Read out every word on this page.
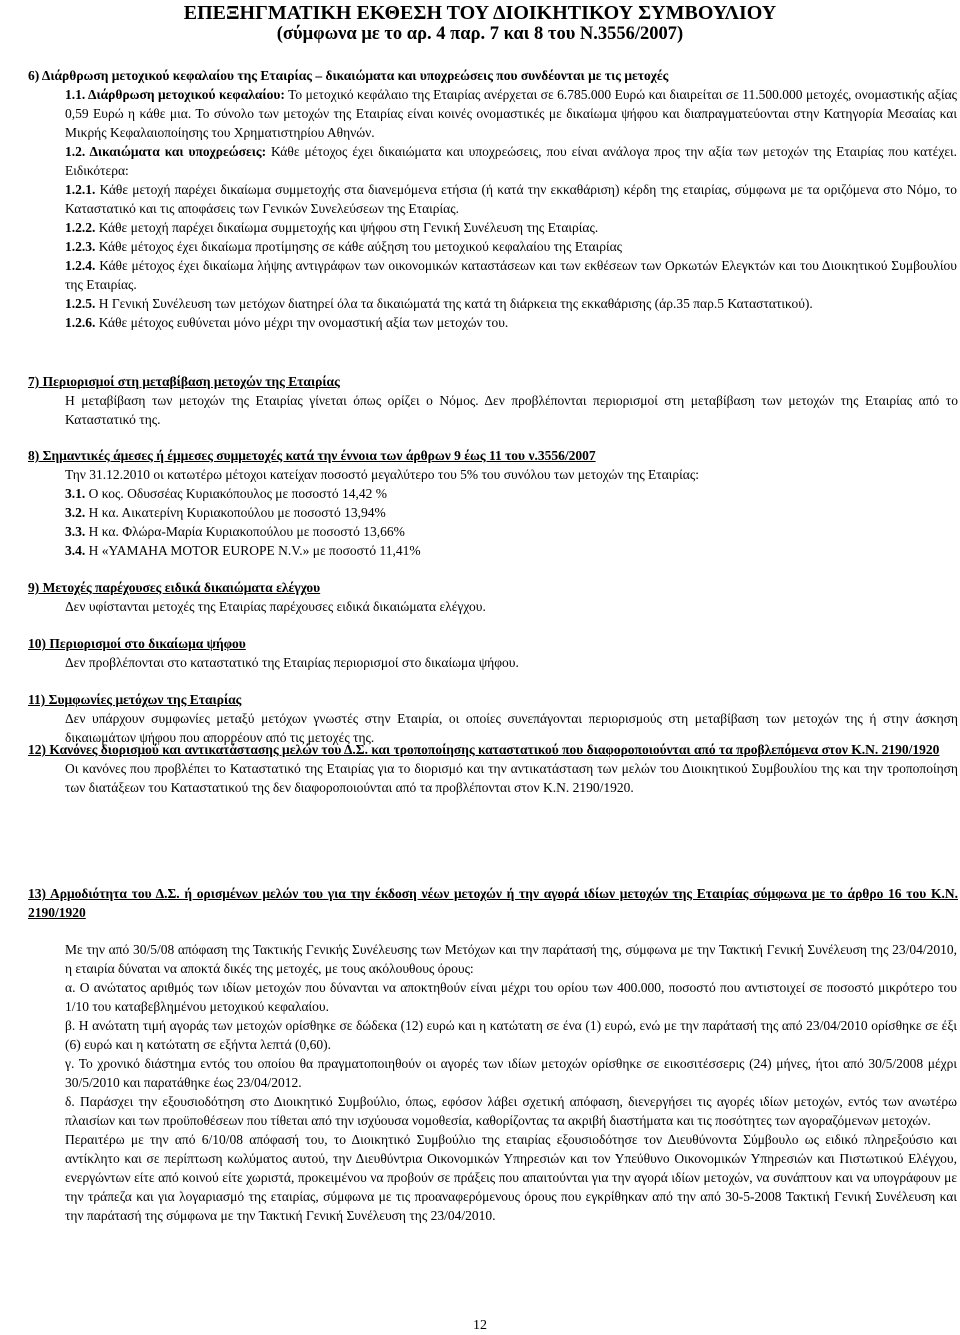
ΕΠΕΞΗΓΜΑΤΙΚΗ ΕΚΘΕΣΗ ΤΟΥ ΔΙΟΙΚΗΤΙΚΟΥ ΣΥΜΒΟΥΛΙΟΥ
(σύμφωνα με το αρ. 4 παρ. 7 και 8 του Ν.3556/2007)

6) Διάρθρωση μετοχικού κεφαλαίου της Εταιρίας – δικαιώματα και υποχρεώσεις που συνδέονται με τις μετοχές

1.1. Διάρθρωση μετοχικού κεφαλαίου: Το μετοχικό κεφάλαιο της Εταιρίας ανέρχεται σε 6.785.000 Ευρώ και διαιρείται σε 11.500.000 μετοχές, ονομαστικής αξίας 0,59 Ευρώ η κάθε μια. Το σύνολο των μετοχών της Εταιρίας είναι κοινές ονομαστικές με δικαίωμα ψήφου και διαπραγματεύονται στην Κατηγορία Μεσαίας και Μικρής Κεφαλαιοποίησης του Χρηματιστηρίου Αθηνών.

1.2. Δικαιώματα και υποχρεώσεις: Κάθε μέτοχος έχει δικαιώματα και υποχρεώσεις, που είναι ανάλογα προς την αξία των μετοχών της Εταιρίας που κατέχει. Ειδικότερα:

1.2.1. Κάθε μετοχή παρέχει δικαίωμα συμμετοχής στα διανεμόμενα ετήσια (ή κατά την εκκαθάριση) κέρδη της εταιρίας, σύμφωνα με τα οριζόμενα στο Νόμο, το Καταστατικό και τις αποφάσεις των Γενικών Συνελεύσεων της Εταιρίας.

1.2.2. Κάθε μετοχή παρέχει δικαίωμα συμμετοχής και ψήφου στη Γενική Συνέλευση της Εταιρίας.

1.2.3. Κάθε μέτοχος έχει δικαίωμα προτίμησης σε κάθε αύξηση του μετοχικού κεφαλαίου της Εταιρίας

1.2.4. Κάθε μέτοχος έχει δικαίωμα λήψης αντιγράφων των οικονομικών καταστάσεων και των εκθέσεων των Ορκωτών Ελεγκτών και του Διοικητικού Συμβουλίου της Εταιρίας.

1.2.5. Η Γενική Συνέλευση των μετόχων διατηρεί όλα τα δικαιώματά της κατά τη διάρκεια της εκκαθάρισης (άρ.35 παρ.5 Καταστατικού).

1.2.6. Κάθε μέτοχος ευθύνεται μόνο μέχρι την ονομαστική αξία των μετοχών του.

7) Περιορισμοί στη μεταβίβαση μετοχών της Εταιρίας

Η μεταβίβαση των μετοχών της Εταιρίας γίνεται όπως ορίζει ο Νόμος. Δεν προβλέπονται περιορισμοί στη μεταβίβαση των μετοχών της Εταιρίας από το Καταστατικό της.

8) Σημαντικές άμεσες ή έμμεσες συμμετοχές κατά την έννοια των άρθρων 9 έως 11 του ν.3556/2007

Την 31.12.2010 οι κατωτέρω μέτοχοι κατείχαν ποσοστό μεγαλύτερο του 5% του συνόλου των μετοχών της Εταιρίας:

3.1. Ο κος. Οδυσσέας Κυριακόπουλος με ποσοστό 14,42 %

3.2. Η κα. Αικατερίνη Κυριακοπούλου με ποσοστό 13,94%

3.3. Η κα. Φλώρα-Μαρία Κυριακοπούλου με ποσοστό 13,66%

3.4. Η «YAMAHA MOTOR EUROPE N.V.» με ποσοστό 11,41%

9) Μετοχές παρέχουσες ειδικά δικαιώματα ελέγχου

Δεν υφίστανται μετοχές της Εταιρίας παρέχουσες ειδικά δικαιώματα ελέγχου.

10) Περιορισμοί στο δικαίωμα ψήφου

Δεν προβλέπονται στο καταστατικό της Εταιρίας περιορισμοί στο δικαίωμα ψήφου.

11) Συμφωνίες μετόχων της Εταιρίας

Δεν υπάρχουν συμφωνίες μεταξύ μετόχων γνωστές στην Εταιρία, οι οποίες συνεπάγονται περιορισμούς στη μεταβίβαση των μετοχών της ή στην άσκηση δικαιωμάτων ψήφου που απορρέουν από τις μετοχές της.

12) Κανόνες διορισμού και αντικατάστασης μελών του Δ.Σ. και τροποποίησης καταστατικού που διαφοροποιούνται από τα προβλεπόμενα στον Κ.Ν. 2190/1920

Οι κανόνες που προβλέπει το Καταστατικό της Εταιρίας για το διορισμό και την αντικατάσταση των μελών του Διοικητικού Συμβουλίου της και την τροποποίηση των διατάξεων του Καταστατικού της δεν διαφοροποιούνται από τα προβλέπονται στον Κ.Ν. 2190/1920.

13) Αρμοδιότητα του Δ.Σ. ή ορισμένων μελών του για την έκδοση νέων μετοχών ή την αγορά ιδίων μετοχών της Εταιρίας σύμφωνα με το άρθρο 16 του Κ.Ν. 2190/1920

Με την από 30/5/08 απόφαση της Τακτικής Γενικής Συνέλευσης των Μετόχων και την παράτασή της, σύμφωνα με την Τακτική Γενική Συνέλευση της 23/04/2010, η εταιρία δύναται να αποκτά δικές της μετοχές, με τους ακόλουθους όρους:

α. Ο ανώτατος αριθμός των ιδίων μετοχών που δύνανται να αποκτηθούν είναι μέχρι του ορίου των 400.000, ποσοστό που αντιστοιχεί σε ποσοστό μικρότερο του 1/10 του καταβεβλημένου μετοχικού κεφαλαίου.

β. Η ανώτατη τιμή αγοράς των μετοχών ορίσθηκε σε δώδεκα (12) ευρώ και η κατώτατη σε ένα (1) ευρώ, ενώ με την παράτασή της από 23/04/2010 ορίσθηκε σε έξι (6) ευρώ και η κατώτατη σε εξήντα λεπτά (0,60).

γ. Το χρονικό διάστημα εντός του οποίου θα πραγματοποιηθούν οι αγορές των ιδίων μετοχών ορίσθηκε σε εικοσιτέσσερις (24) μήνες, ήτοι από 30/5/2008 μέχρι 30/5/2010 και παρατάθηκε έως 23/04/2012.

δ. Παράσχει την εξουσιοδότηση στο Διοικητικό Συμβούλιο, όπως, εφόσον λάβει σχετική απόφαση, διενεργήσει τις αγορές ιδίων μετοχών, εντός των ανωτέρω πλαισίων και των προϋποθέσεων που τίθεται από την ισχύουσα νομοθεσία, καθορίζοντας τα ακριβή διαστήματα και τις ποσότητες των αγοραζόμενων μετοχών.

Περαιτέρω με την από 6/10/08 απόφασή του, το Διοικητικό Συμβούλιο της εταιρίας εξουσιοδότησε τον Διευθύνοντα Σύμβουλο ως ειδικό πληρεξούσιο και αντίκλητο και σε περίπτωση κωλύματος αυτού, την Διευθύντρια Οικονομικών Υπηρεσιών και τον Υπεύθυνο Οικονομικών Υπηρεσιών και Πιστωτικού Ελέγχου, ενεργώντων είτε από κοινού είτε χωριστά, προκειμένου να προβούν σε πράξεις που απαιτούνται για την αγορά ιδίων μετοχών, να συνάπτουν και να υπογράφουν με την τράπεζα και για λογαριασμό της εταιρίας, σύμφωνα με τις προαναφερόμενους όρους που εγκρίθηκαν από την από 30-5-2008 Τακτική Γενική Συνέλευση και την παράτασή της σύμφωνα με την Τακτική Γενική Συνέλευση της 23/04/2010.

12
